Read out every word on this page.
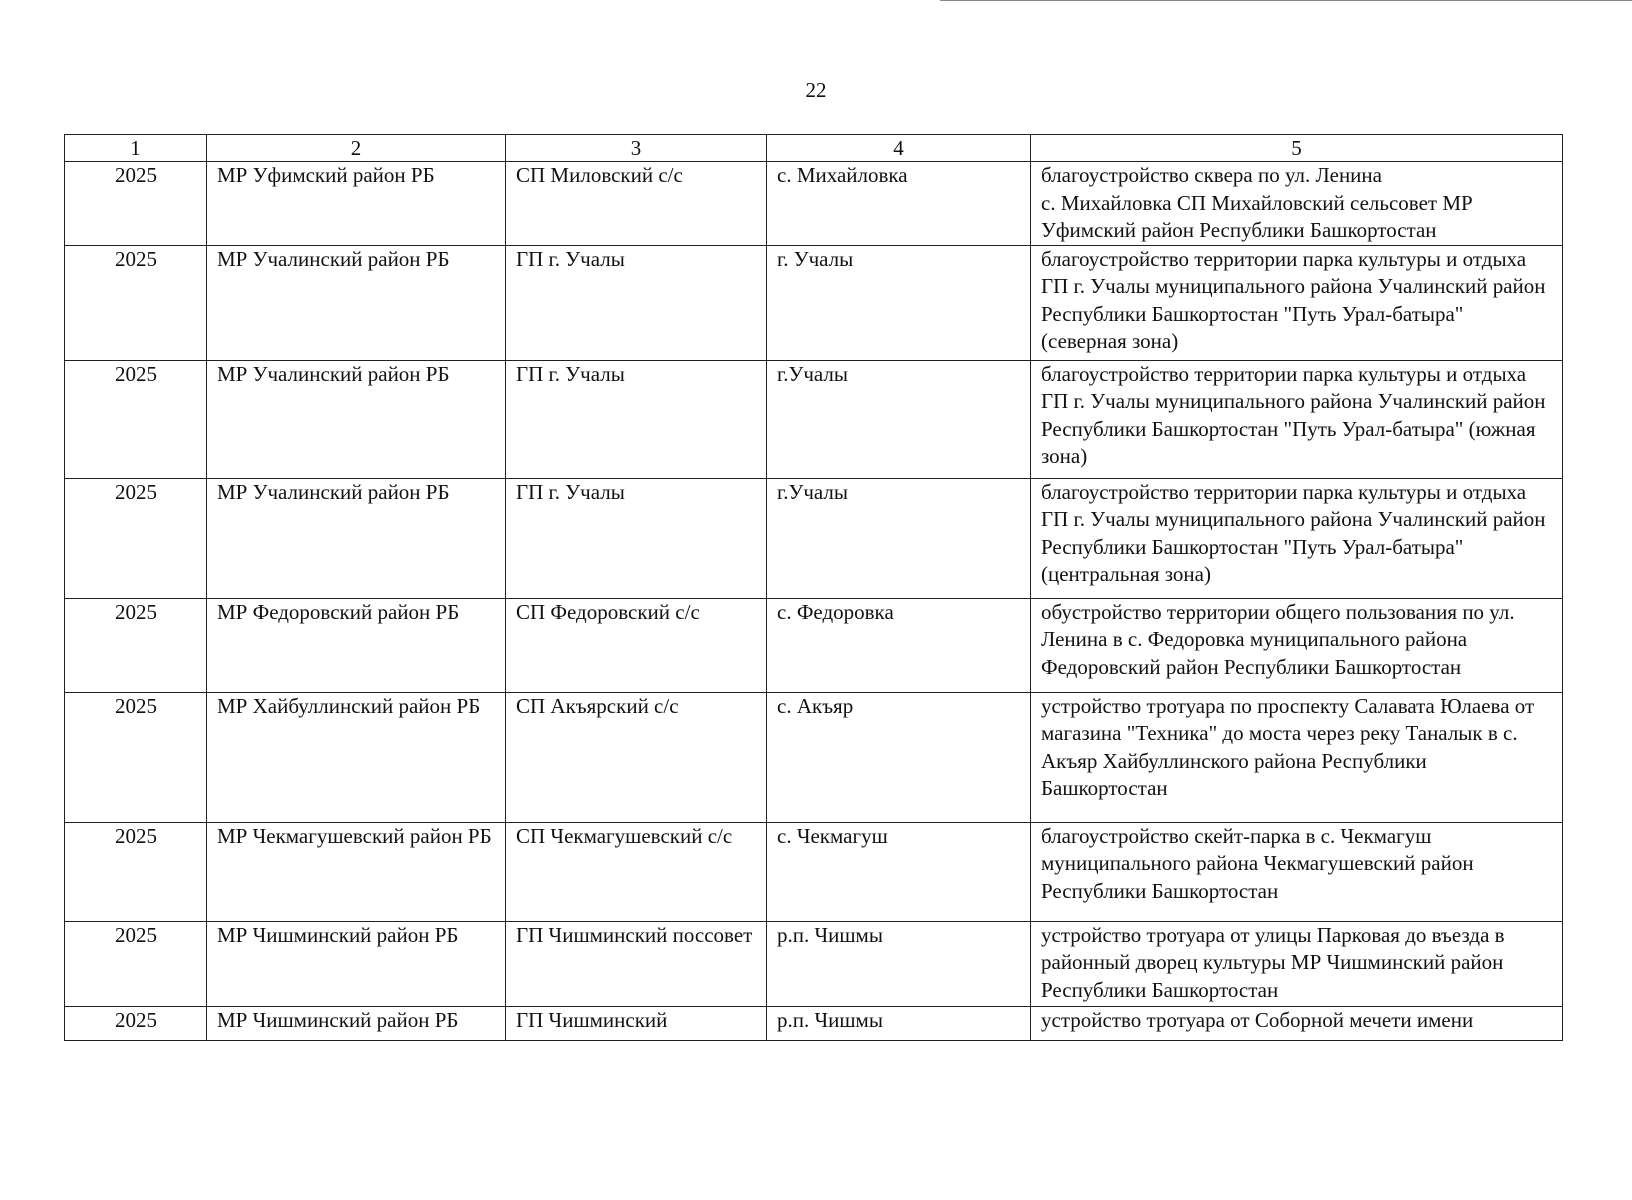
22
1	2	3	4	5
2025	МР Уфимский район РБ	СП Миловский с/с	с. Михайловка	благоустройство сквера по ул. Ленина
с. Михайловка СП Михайловский сельсовет МР Уфимский район Республики Башкортостан
2025	МР Учалинский район РБ	ГП г. Учалы	г. Учалы	благоустройство территории парка культуры и отдыха ГП г. Учалы муниципального района Учалинский район Республики Башкортостан "Путь Урал-батыра" (северная зона)
2025	МР Учалинский район РБ	ГП г. Учалы	г.Учалы	благоустройство территории парка культуры и отдыха ГП г. Учалы муниципального района Учалинский район Республики Башкортостан "Путь Урал-батыра" (южная зона)
2025	МР Учалинский район РБ	ГП г. Учалы	г.Учалы	благоустройство территории парка культуры и отдыха ГП г. Учалы муниципального района Учалинский район Республики Башкортостан "Путь Урал-батыра" (центральная зона)
2025	МР Федоровский район РБ	СП Федоровский с/с	с. Федоровка	обустройство территории общего пользования по ул. Ленина в с. Федоровка муниципального района Федоровский район Республики Башкортостан
2025	МР Хайбуллинский район РБ	СП Акъярский с/с	с. Акъяр	устройство тротуара по проспекту Салавата Юлаева от магазина "Техника" до моста через реку Таналык в с. Акъяр Хайбуллинского района Республики Башкортостан
2025	МР Чекмагушевский район РБ	СП Чекмагушевский с/с	с. Чекмагуш	благоустройство скейт-парка в с. Чекмагуш муниципального района Чекмагушевский район Республики Башкортостан
2025	МР Чишминский район РБ	ГП Чишминский поссовет	р.п. Чишмы	устройство тротуара от улицы Парковая до въезда в районный дворец культуры МР Чишминский район Республики Башкортостан
2025	МР Чишминский район РБ	ГП Чишминский	р.п. Чишмы	устройство тротуара от Соборной мечети имени
